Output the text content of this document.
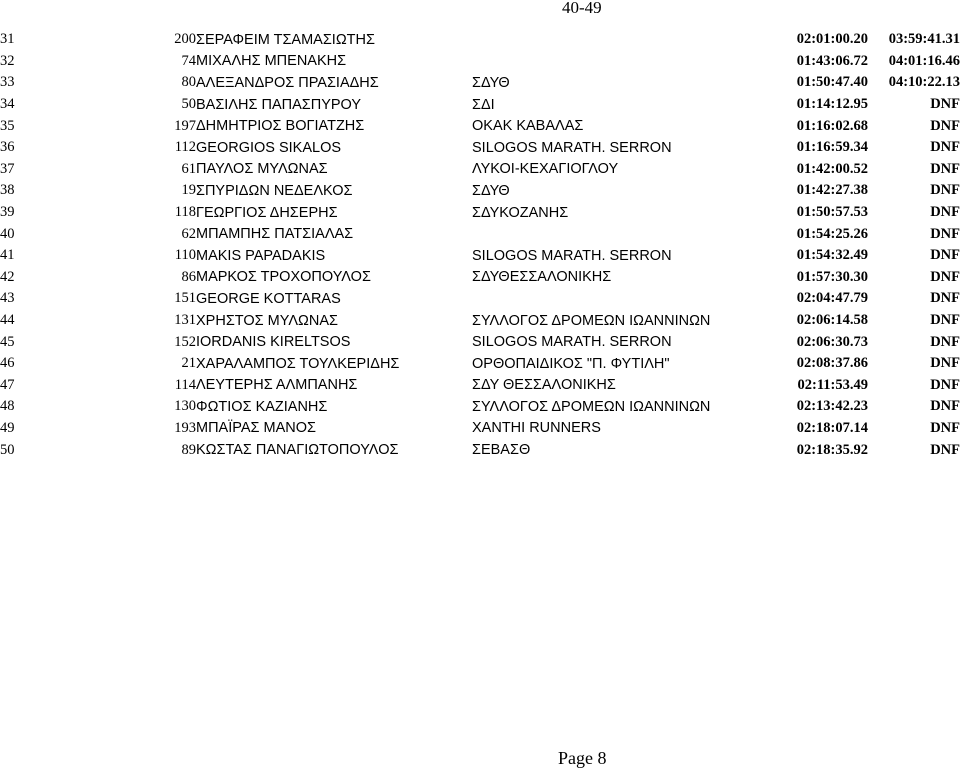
40-49
31	200	ΣΕΡΑΦΕΙΜ ΤΣΑΜΑΣΙΩΤΗΣ		02:01:00.20	03:59:41.31
32	74	ΜΙΧΑΛΗΣ ΜΠΕΝΑΚΗΣ		01:43:06.72	04:01:16.46
33	80	ΑΛΕΞΑΝΔΡΟΣ ΠΡΑΣΙΑΔΗΣ	ΣΔΥΘ	01:50:47.40	04:10:22.13
34	50	ΒΑΣΙΛΗΣ ΠΑΠΑΣΠΥΡΟΥ	ΣΔΙ	01:14:12.95	DNF
35	197	ΔΗΜΗΤΡΙΟΣ ΒΟΓΙΑΤΖΗΣ	ΟΚΑΚ ΚΑΒΑΛΑΣ	01:16:02.68	DNF
36	112	GEORGIOS SIKALOS	SILOGOS MARATH. SERRON	01:16:59.34	DNF
37	61	ΠΑΥΛΟΣ ΜΥΛΩΝΑΣ	ΛΥΚΟΙ-ΚΕΧΑΓΙΟΓΛΟΥ	01:42:00.52	DNF
38	19	ΣΠΥΡΙΔΩΝ ΝΕΔΕΛΚΟΣ	ΣΔΥΘ	01:42:27.38	DNF
39	118	ΓΕΩΡΓΙΟΣ ΔΗΣΕΡΗΣ	ΣΔΥΚΟΖΑΝΗΣ	01:50:57.53	DNF
40	62	ΜΠΑΜΠΗΣ ΠΑΤΣΙΑΛΑΣ		01:54:25.26	DNF
41	110	MAKIS PAPADAKIS	SILOGOS MARATH. SERRON	01:54:32.49	DNF
42	86	ΜΑΡΚΟΣ ΤΡΟΧΟΠΟΥΛΟΣ	ΣΔΥΘΕΣΣΑΛΟΝΙΚΗΣ	01:57:30.30	DNF
43	151	GEORGE KOTTARAS		02:04:47.79	DNF
44	131	ΧΡΗΣΤΟΣ ΜΥΛΩΝΑΣ	ΣΥΛΛΟΓΟΣ ΔΡΟΜΕΩΝ ΙΩΑΝΝΙΝΩΝ	02:06:14.58	DNF
45	152	IORDANIS KIRELTSOS	SILOGOS MARATH. SERRON	02:06:30.73	DNF
46	21	ΧΑΡΑΛΑΜΠΟΣ ΤΟΥΛΚΕΡΙΔΗΣ	ΟΡΘΟΠΑΙΔΙΚΟΣ "Π. ΦΥΤΙΛΗ"	02:08:37.86	DNF
47	114	ΛΕΥΤΕΡΗΣ ΑΛΜΠΑΝΗΣ	ΣΔΥ ΘΕΣΣΑΛΟΝΙΚΗΣ	02:11:53.49	DNF
48	130	ΦΩΤΙΟΣ ΚΑΖΙΑΝΗΣ	ΣΥΛΛΟΓΟΣ ΔΡΟΜΕΩΝ ΙΩΑΝΝΙΝΩΝ	02:13:42.23	DNF
49	193	ΜΠΑΪΡΑΣ ΜΑΝΟΣ	XANTHI RUNNERS	02:18:07.14	DNF
50	89	ΚΩΣΤΑΣ ΠΑΝΑΓΙΩΤΟΠΟΥΛΟΣ	ΣΕΒΑΣΘ	02:18:35.92	DNF
Page 8
